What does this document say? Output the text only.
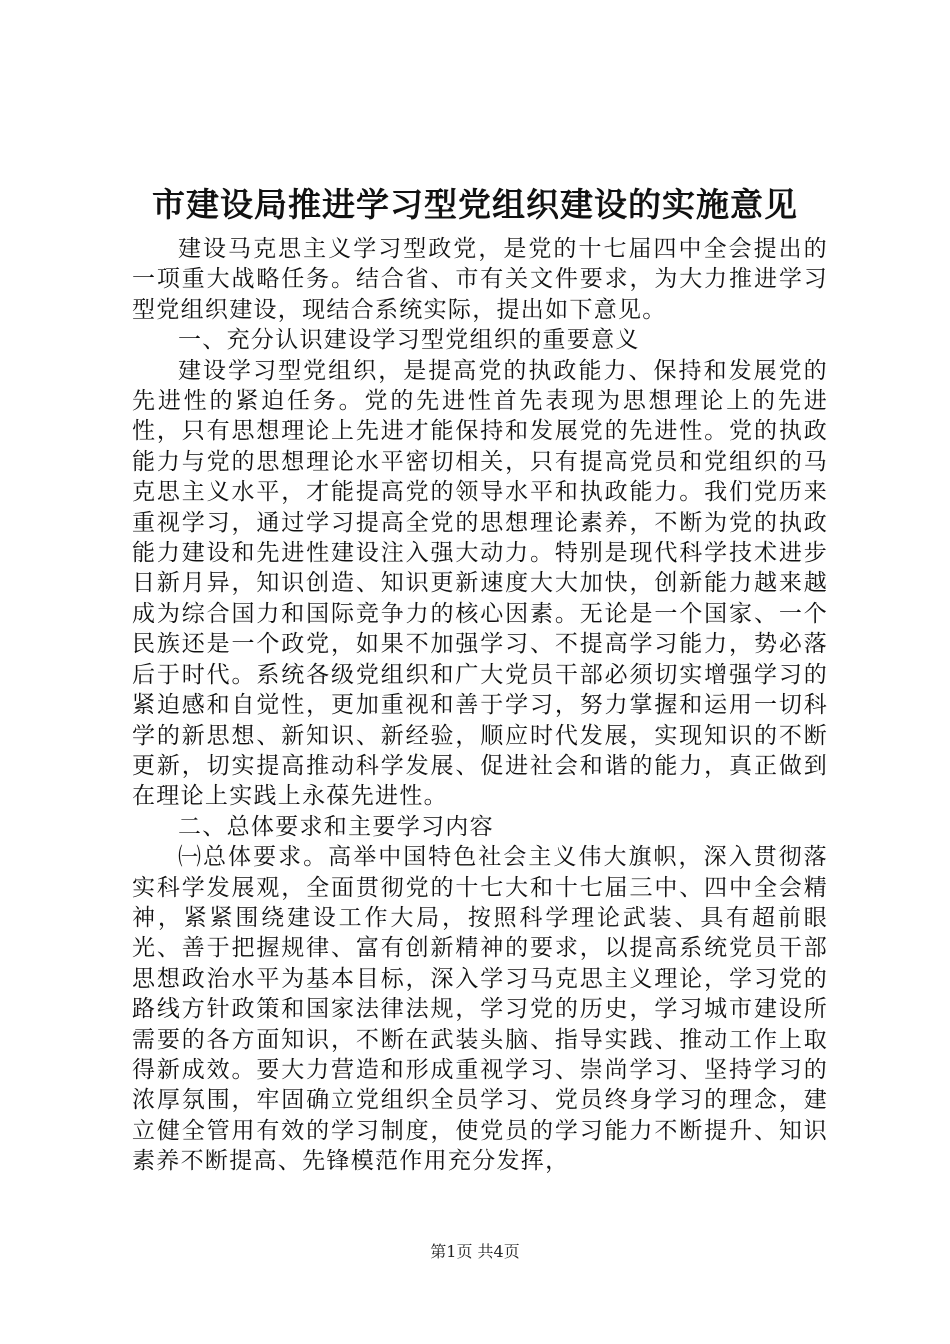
市建设局推进学习型党组织建设的实施意见

建设马克思主义学习型政党，是党的十七届四中全会提出的一项重大战略任务。结合省、市有关文件要求，为大力推进学习型党组织建设，现结合系统实际，提出如下意见。

一、充分认识建设学习型党组织的重要意义

建设学习型党组织，是提高党的执政能力、保持和发展党的先进性的紧迫任务。党的先进性首先表现为思想理论上的先进性，只有思想理论上先进才能保持和发展党的先进性。党的执政能力与党的思想理论水平密切相关，只有提高党员和党组织的马克思主义水平，才能提高党的领导水平和执政能力。我们党历来重视学习，通过学习提高全党的思想理论素养，不断为党的执政能力建设和先进性建设注入强大动力。特别是现代科学技术进步日新月异，知识创造、知识更新速度大大加快，创新能力越来越成为综合国力和国际竞争力的核心因素。无论是一个国家、一个民族还是一个政党，如果不加强学习、不提高学习能力，势必落后于时代。系统各级党组织和广大党员干部必须切实增强学习的紧迫感和自觉性，更加重视和善于学习，努力掌握和运用一切科学的新思想、新知识、新经验，顺应时代发展，实现知识的不断更新，切实提高推动科学发展、促进社会和谐的能力，真正做到在理论上实践上永葆先进性。

二、总体要求和主要学习内容

㈠总体要求。高举中国特色社会主义伟大旗帜，深入贯彻落实科学发展观，全面贯彻党的十七大和十七届三中、四中全会精神，紧紧围绕建设工作大局，按照科学理论武装、具有超前眼光、善于把握规律、富有创新精神的要求，以提高系统党员干部思想政治水平为基本目标，深入学习马克思主义理论，学习党的路线方针政策和国家法律法规，学习党的历史，学习城市建设所需要的各方面知识，不断在武装头脑、指导实践、推动工作上取得新成效。要大力营造和形成重视学习、崇尚学习、坚持学习的浓厚氛围，牢固确立党组织全员学习、党员终身学习的理念，建立健全管用有效的学习制度，使党员的学习能力不断提升、知识素养不断提高、先锋模范作用充分发挥，

第1页 共4页
